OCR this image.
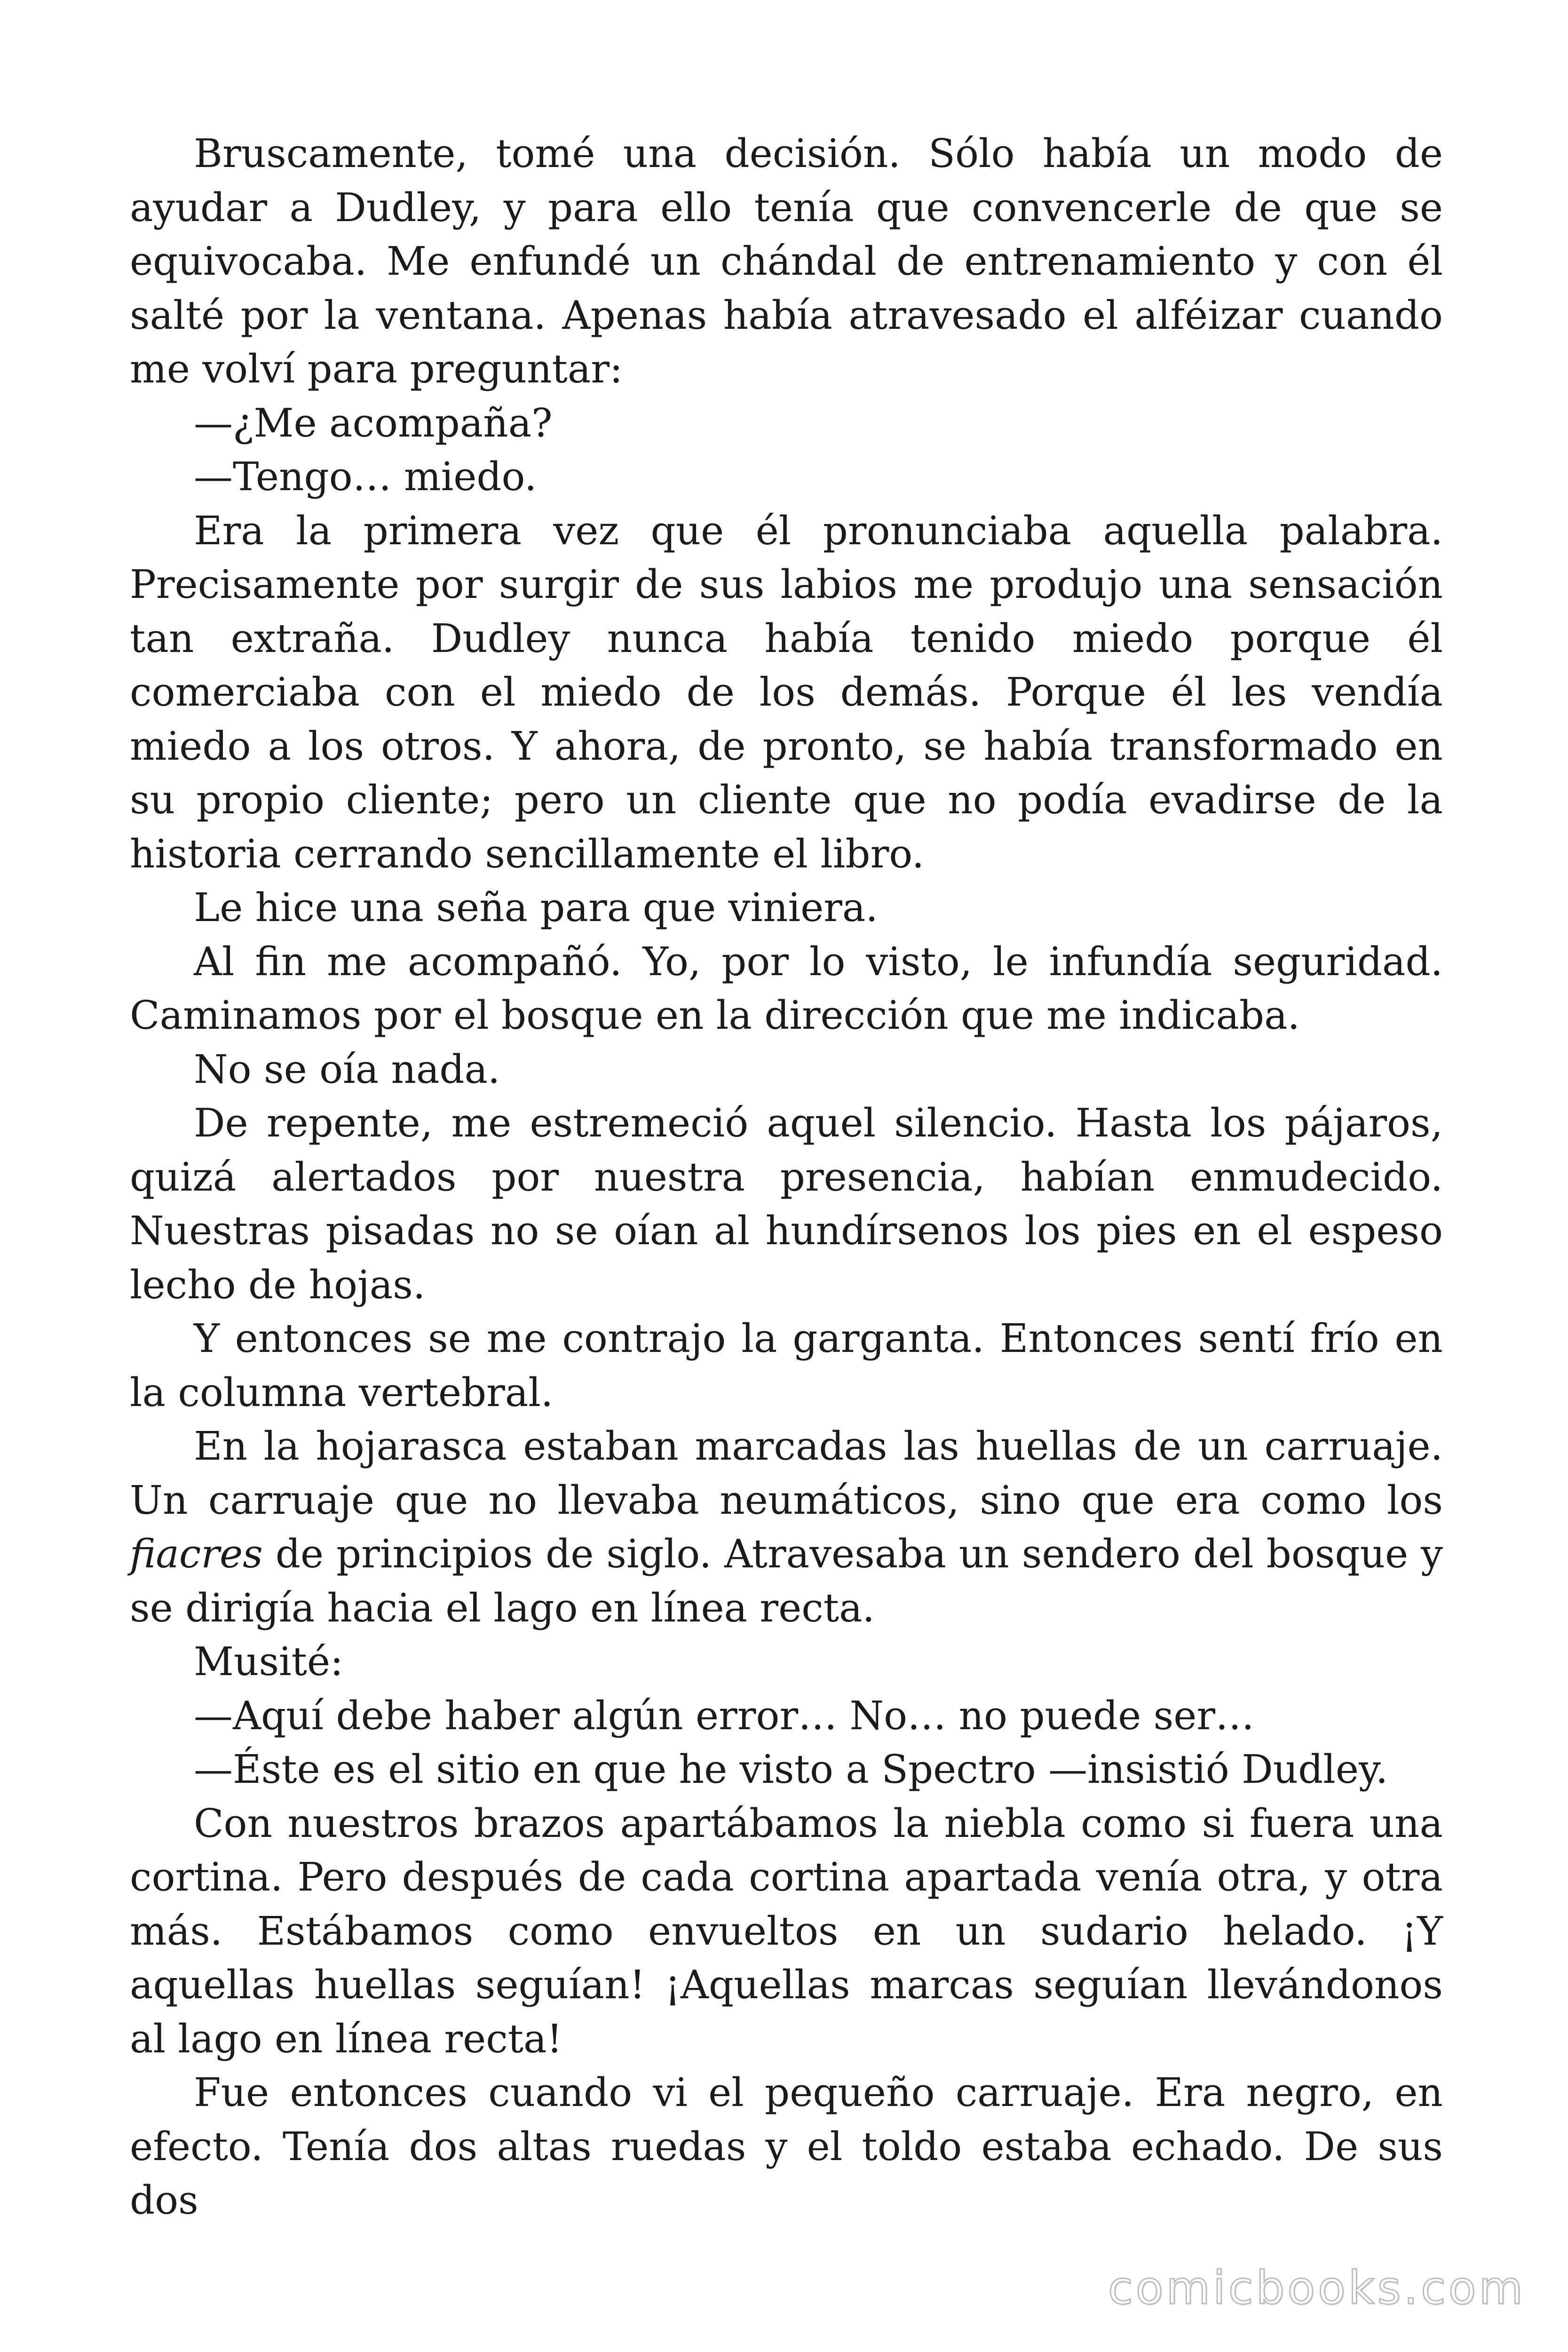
Bruscamente, tomé una decisión. Sólo había un modo de ayudar a Dudley, y para ello tenía que convencerle de que se equivocaba. Me enfundé un chándal de entrenamiento y con él salté por la ventana. Apenas había atravesado el alféizar cuando me volví para preguntar:

—¿Me acompaña?

—Tengo… miedo.

Era la primera vez que él pronunciaba aquella palabra. Precisamente por surgir de sus labios me produjo una sensación tan extraña. Dudley nunca había tenido miedo porque él comerciaba con el miedo de los demás. Porque él les vendía miedo a los otros. Y ahora, de pronto, se había transformado en su propio cliente; pero un cliente que no podía evadirse de la historia cerrando sencillamente el libro.

Le hice una seña para que viniera.

Al fin me acompañó. Yo, por lo visto, le infundía seguridad. Caminamos por el bosque en la dirección que me indicaba.

No se oía nada.

De repente, me estremeció aquel silencio. Hasta los pájaros, quizá alertados por nuestra presencia, habían enmudecido. Nuestras pisadas no se oían al hundírsenos los pies en el espeso lecho de hojas.

Y entonces se me contrajo la garganta. Entonces sentí frío en la columna vertebral.

En la hojarasca estaban marcadas las huellas de un carruaje. Un carruaje que no llevaba neumáticos, sino que era como los fiacres de principios de siglo. Atravesaba un sendero del bosque y se dirigía hacia el lago en línea recta.

Musité:

—Aquí debe haber algún error… No… no puede ser…

—Éste es el sitio en que he visto a Spectro —insistió Dudley.

Con nuestros brazos apartábamos la niebla como si fuera una cortina. Pero después de cada cortina apartada venía otra, y otra más. Estábamos como envueltos en un sudario helado. ¡Y aquellas huellas seguían! ¡Aquellas marcas seguían llevándonos al lago en línea recta!

Fue entonces cuando vi el pequeño carruaje. Era negro, en efecto. Tenía dos altas ruedas y el toldo estaba echado. De sus dos

comicbooks.com
